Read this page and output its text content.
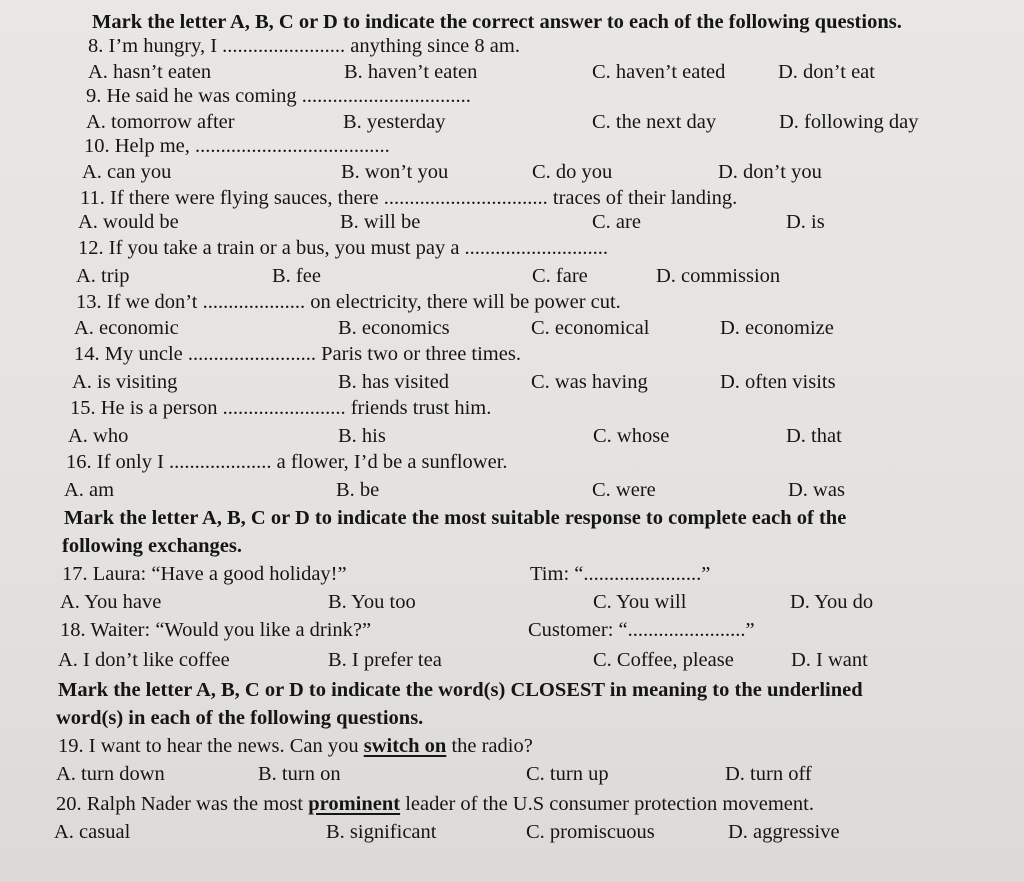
Mark the letter A, B, C or D to indicate the correct answer to each of the following questions.
8. I’m hungry, I ........................ anything since 8 am.
A. hasn’t eaten	B. haven’t eaten	C. haven’t eated	D. don’t eat
9. He said he was coming .................................
A. tomorrow after	B. yesterday	C. the next day	D. following day
10. Help me, ......................................
A. can you	B. won’t you	C. do you	D. don’t you
11. If there were flying sauces, there ................................ traces of their landing.
A. would be	B. will be	C. are	D. is
12. If you take a train or a bus, you must pay a ............................
A. trip	B. fee	C. fare	D. commission
13. If we don’t .................... on electricity, there will be power cut.
A. economic	B. economics	C. economical	D. economize
14. My uncle ......................... Paris two or three times.
A. is visiting	B. has visited	C. was having	D. often visits
15. He is a person ........................ friends trust him.
A. who	B. his	C. whose	D. that
16. If only I .................... a flower, I’d be a sunflower.
A. am	B. be	C. were	D. was
Mark the letter A, B, C or D to indicate the most suitable response to complete each of the
following exchanges.
17. Laura: “Have a good holiday!”	Tim: “.......................”
A. You have	B. You too	C. You will	D. You do
18. Waiter: “Would you like a drink?”	Customer: “.......................”
A. I don’t like coffee	B. I prefer tea	C. Coffee, please	D. I want
Mark the letter A, B, C or D to indicate the word(s) CLOSEST in meaning to the underlined
word(s) in each of the following questions.
19. I want to hear the news. Can you switch on the radio?
A. turn down	B. turn on	C. turn up	D. turn off
20. Ralph Nader was the most prominent leader of the U.S consumer protection movement.
A. casual	B. significant	C. promiscuous	D. aggressive
